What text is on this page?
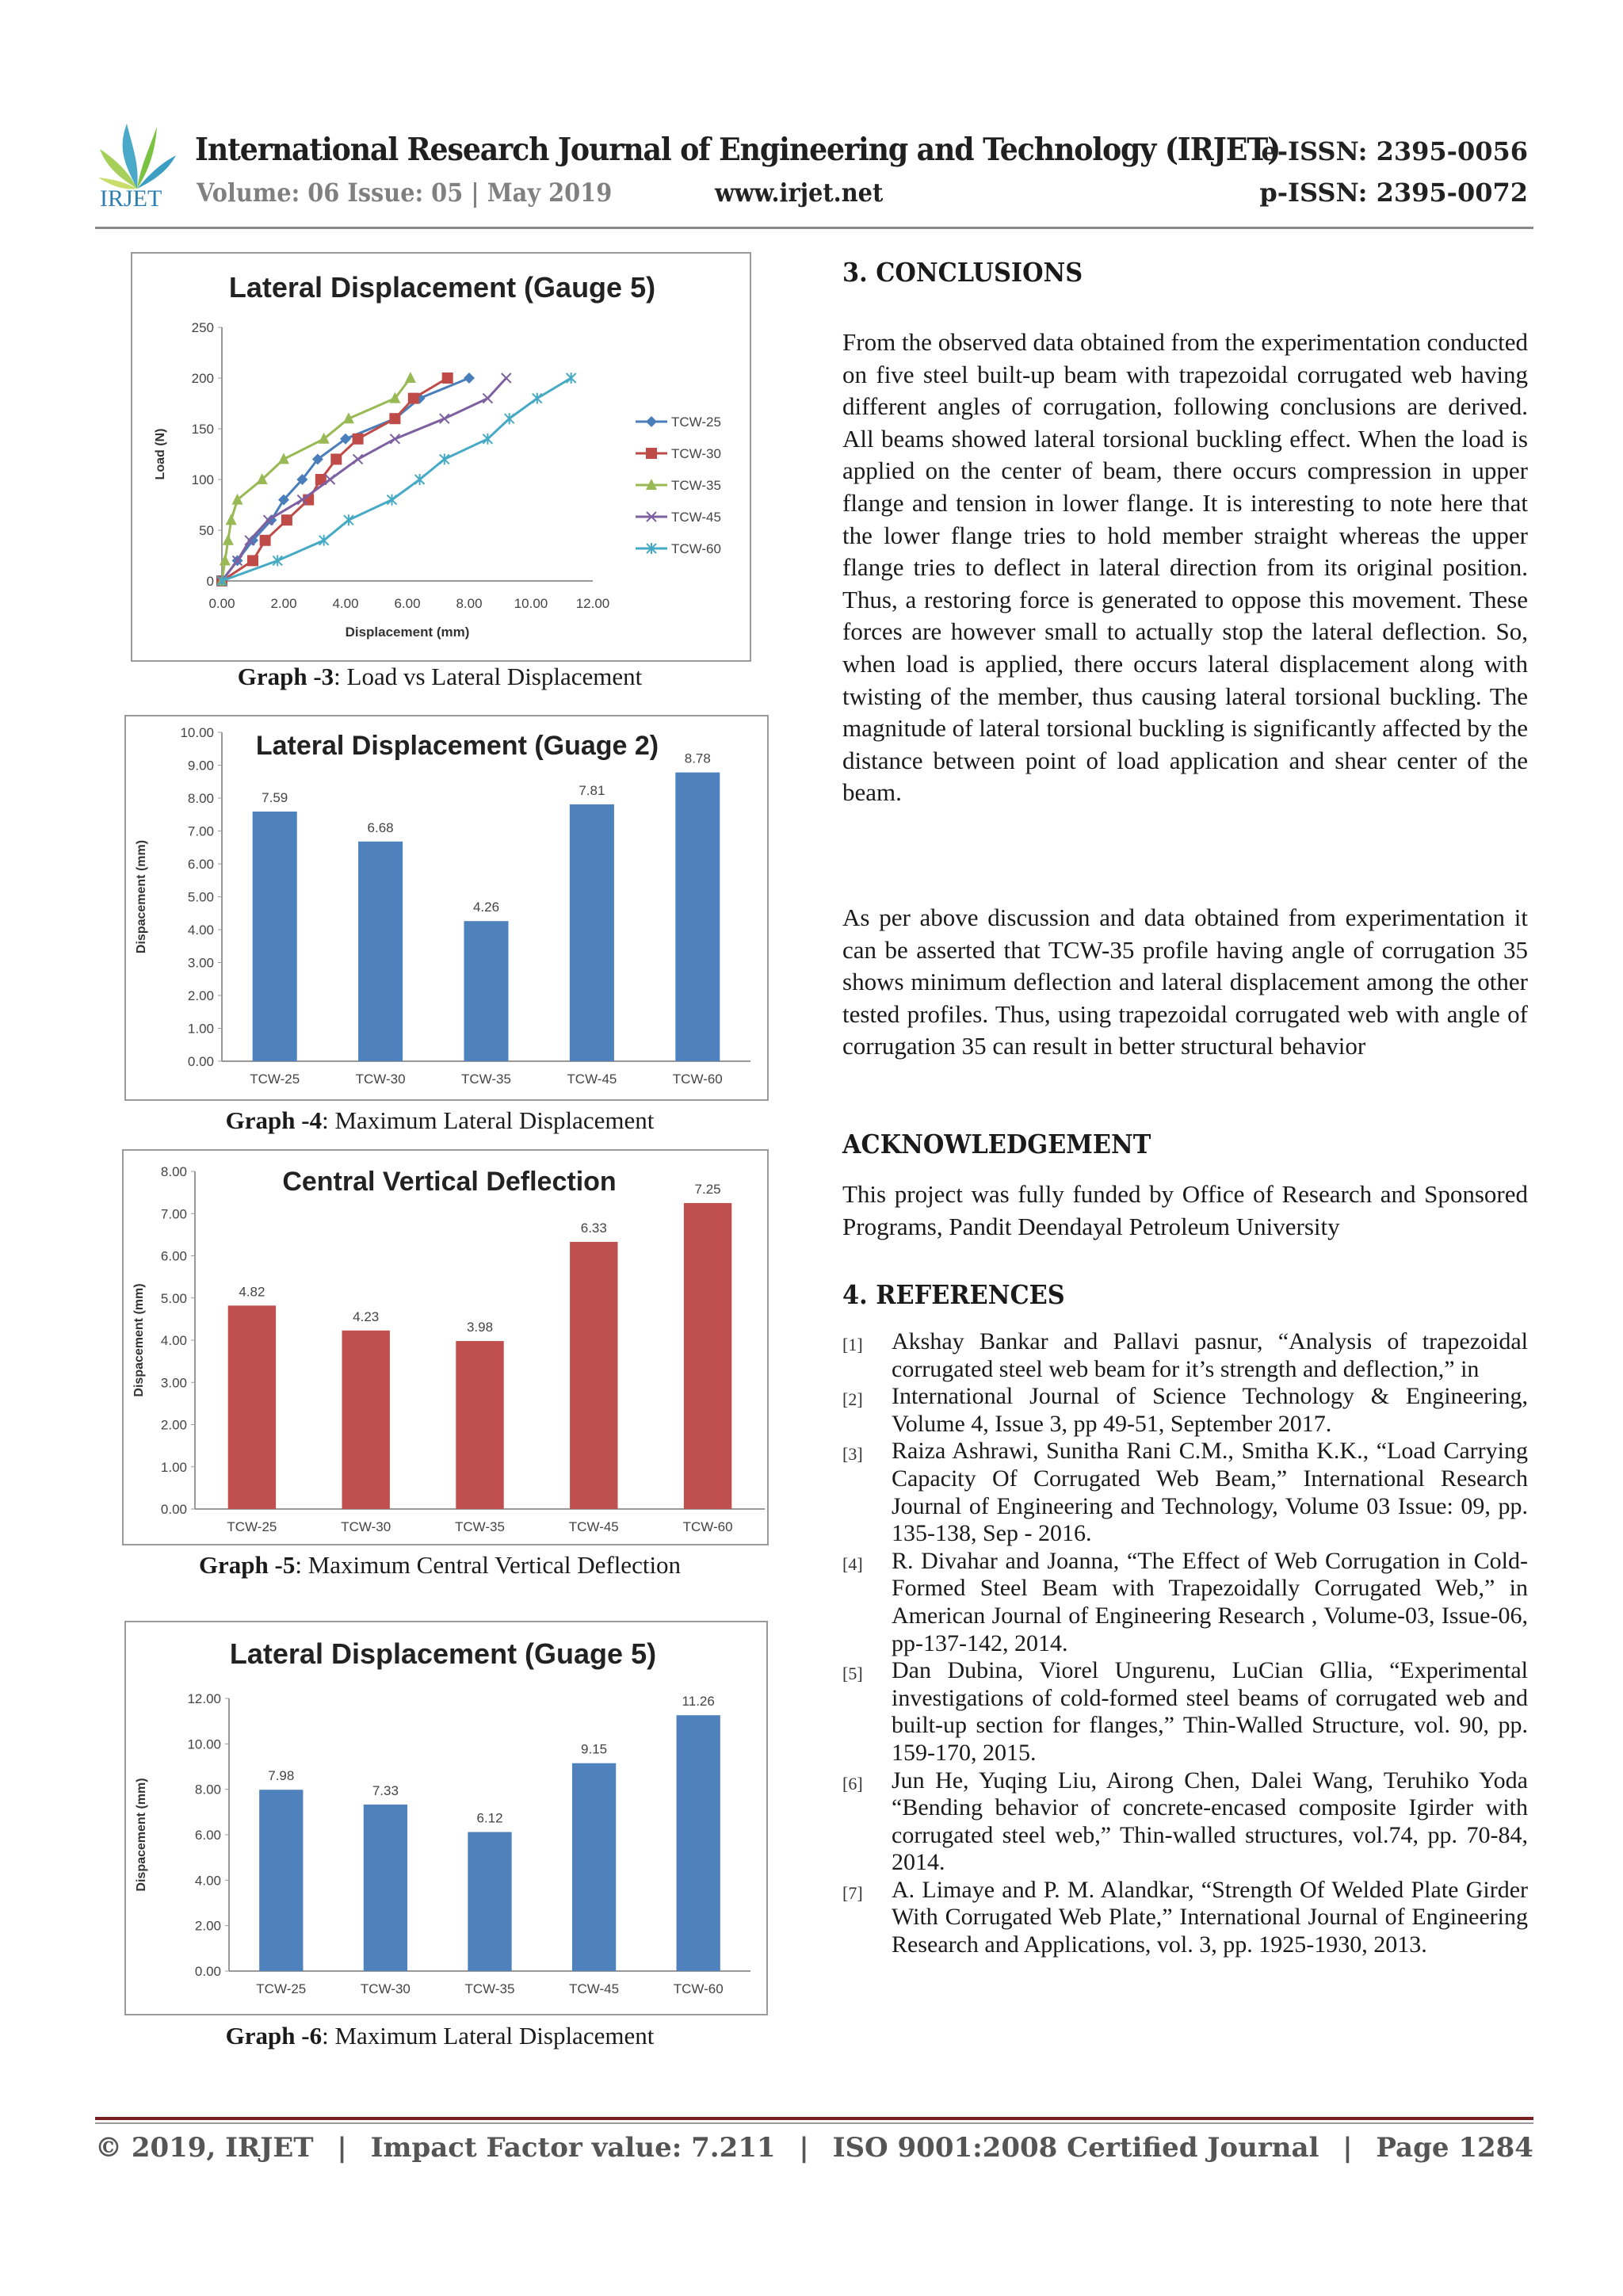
IRJET
International Research Journal of Engineering and Technology (IRJET)
Volume: 06 Issue: 05 | May 2019	www.irjet.net
e-ISSN: 2395-0056
p-ISSN: 2395-0072
Lateral Displacement (Gauge 5)
0
50
100
150
200
250
Load (N)
0.00	2.00	4.00	6.00	8.00 10.00 12.00
Displacement (mm)
TCW-25
TCW-30
TCW-35
TCW-45
TCW-60
Graph -3: Load vs Lateral Displacement
Lateral Displacement (Guage 2)
0.00
1.00
2.00
3.00
4.00
5.00
6.00
7.00
8.00
9.00
10.00
Dispacement (mm)
7.59
TCW-25
6.68
TCW-30
4.26
TCW-35
7.81
TCW-45
8.78
TCW-60
Graph -4: Maximum Lateral Displacement
Central Vertical Deflection
0.00
1.00
2.00
3.00
4.00
5.00
6.00
7.00
8.00
Dispacement (mm)	4.82
TCW-25
4.23
TCW-30
3.98
TCW-35
6.33
TCW-45
7.25
TCW-60
Graph -5: Maximum Central Vertical Deflection
Lateral Displacement (Guage 5)
0.00
2.00
4.00
6.00
8.00
10.00
12.00
Dispacement (mm)
7.98
TCW-25
7.33
TCW-30
6.12
TCW-35
9.15
TCW-45
11.26
TCW-60
Graph -6: Maximum Lateral Displacement
3. CONCLUSIONS
From the observed data obtained from the experimentation conducted on five steel built-up beam with trapezoidal corrugated web having different angles of corrugation, following conclusions are derived. All beams showed lateral torsional buckling effect. When the load is applied on the center of beam, there occurs compression in upper flange and tension in lower flange. It is interesting to note here that the lower flange tries to hold member straight whereas the upper flange tries to deflect in lateral direction from its original position. Thus, a restoring force is generated to oppose this movement. These forces are however small to actually stop the lateral deflection. So, when load is applied, there occurs lateral displacement along with twisting of the member, thus causing lateral torsional buckling. The magnitude of lateral torsional buckling is significantly affected by the distance between point of load application and shear center of the beam.
As per above discussion and data obtained from experimentation it can be asserted that TCW-35 profile having angle of corrugation 35 shows minimum deflection and lateral displacement among the other tested profiles. Thus, using trapezoidal corrugated web with angle of corrugation 35 can result in better structural behavior
ACKNOWLEDGEMENT
This project was fully funded by Office of Research and Sponsored Programs, Pandit Deendayal Petroleum University
4. REFERENCES
[1]	Akshay Bankar and Pallavi pasnur, “Analysis of trapezoidal corrugated steel web beam for it’s strength and deflection,” in
[2]	International Journal of Science Technology & Engineering, Volume 4, Issue 3, pp 49-51, September 2017.
[3]	Raiza Ashrawi, Sunitha Rani C.M., Smitha K.K., “Load Carrying Capacity Of Corrugated Web Beam,” International Research Journal of Engineering and Technology, Volume 03 Issue: 09, pp. 135-138, Sep - 2016.
[4]	R. Divahar and Joanna, “The Effect of Web Corrugation in Cold-Formed Steel Beam with Trapezoidally Corrugated Web,” in American Journal of Engineering Research , Volume-03, Issue-06, pp-137-142, 2014.
[5]	Dan Dubina, Viorel Ungurenu, LuCian Gllia, “Experimental investigations of cold-formed steel beams of corrugated web and built-up section for flanges,” Thin-Walled Structure, vol. 90, pp. 159-170, 2015.
[6]	Jun He, Yuqing Liu, Airong Chen, Dalei Wang, Teruhiko Yoda “Bending behavior of concrete-encased composite Igirder with corrugated steel web,” Thin-walled structures, vol.74, pp. 70-84, 2014.
[7]	A. Limaye and P. M. Alandkar, “Strength Of Welded Plate Girder With Corrugated Web Plate,” International Journal of Engineering Research and Applications, vol. 3, pp. 1925-1930, 2013.
© 2019, IRJET | Impact Factor value: 7.211 | ISO 9001:2008 Certified Journal | Page 1284
